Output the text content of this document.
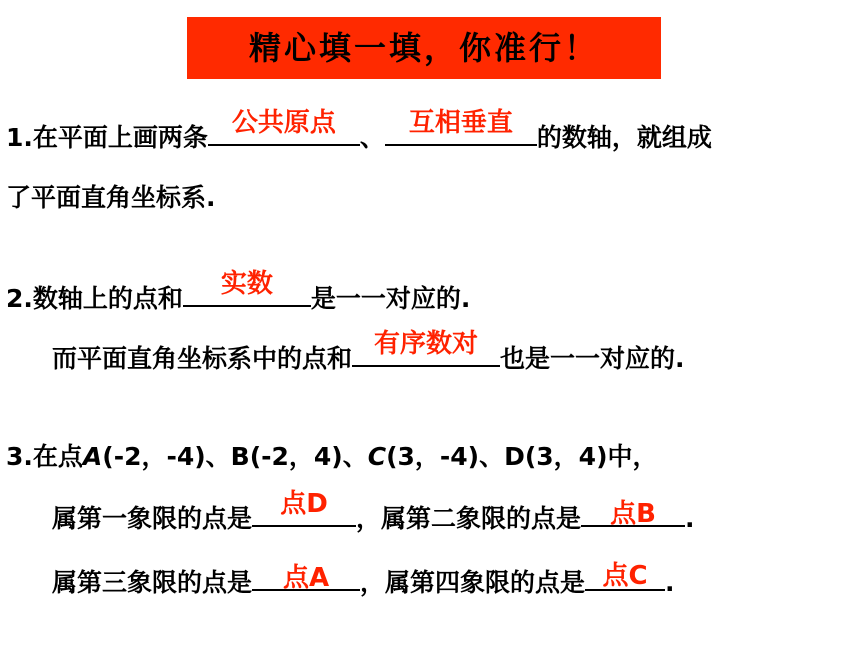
精心填一填，你准行！
1.在平面上画两条 公共原点 、 互相垂直 的数轴，就组成
了平面直角坐标系.
2.数轴上的点和	实数	是一一对应的.
而平面直角坐标系中的点和 有序数对 也是一一对应的.
3.在点A(-2，-4)、B(-2，4)、C(3，-4)、D(3，4)中，
属第一象限的点是	点D	，属第二象限的点是	点B	.
属第三象限的点是	点A	，属第四象限的点是 点C .
